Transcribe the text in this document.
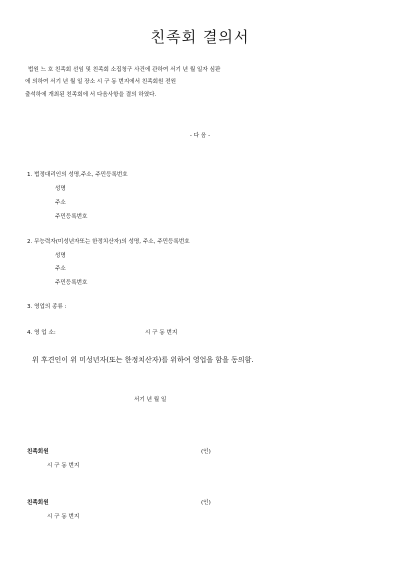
친족회 결의서
법원 느 호 친족회 선임 및 친족회 소집청구 사건에 관하여 서기 년 월 일자 심판
에 의하여 서기 년 월 일 장소 시 구 동 번지에서 친족회원 전원
출석하에 개최된 친족회에 서 다음사항을 결의 하였다.
- 다 음 -
1. 법정대리인의 성명,주소, 주민등록번호
성명
주소
주민등록번호
2. 무능력자(미성년자또는 한정치산자)의 성명, 주소, 주민등록번호
성명
주소
주민등록번호
3. 영업의 종류 :
4. 영 업 소:	시 구 동 번지
위 후견인이 위 미성년자(또는 한정치산자)를 위하여 영업을 함을 동의함.
서기 년 월 일
친족회원	(인)
시 구 동 번지
친족회원	(인)
시 구 동 번지
